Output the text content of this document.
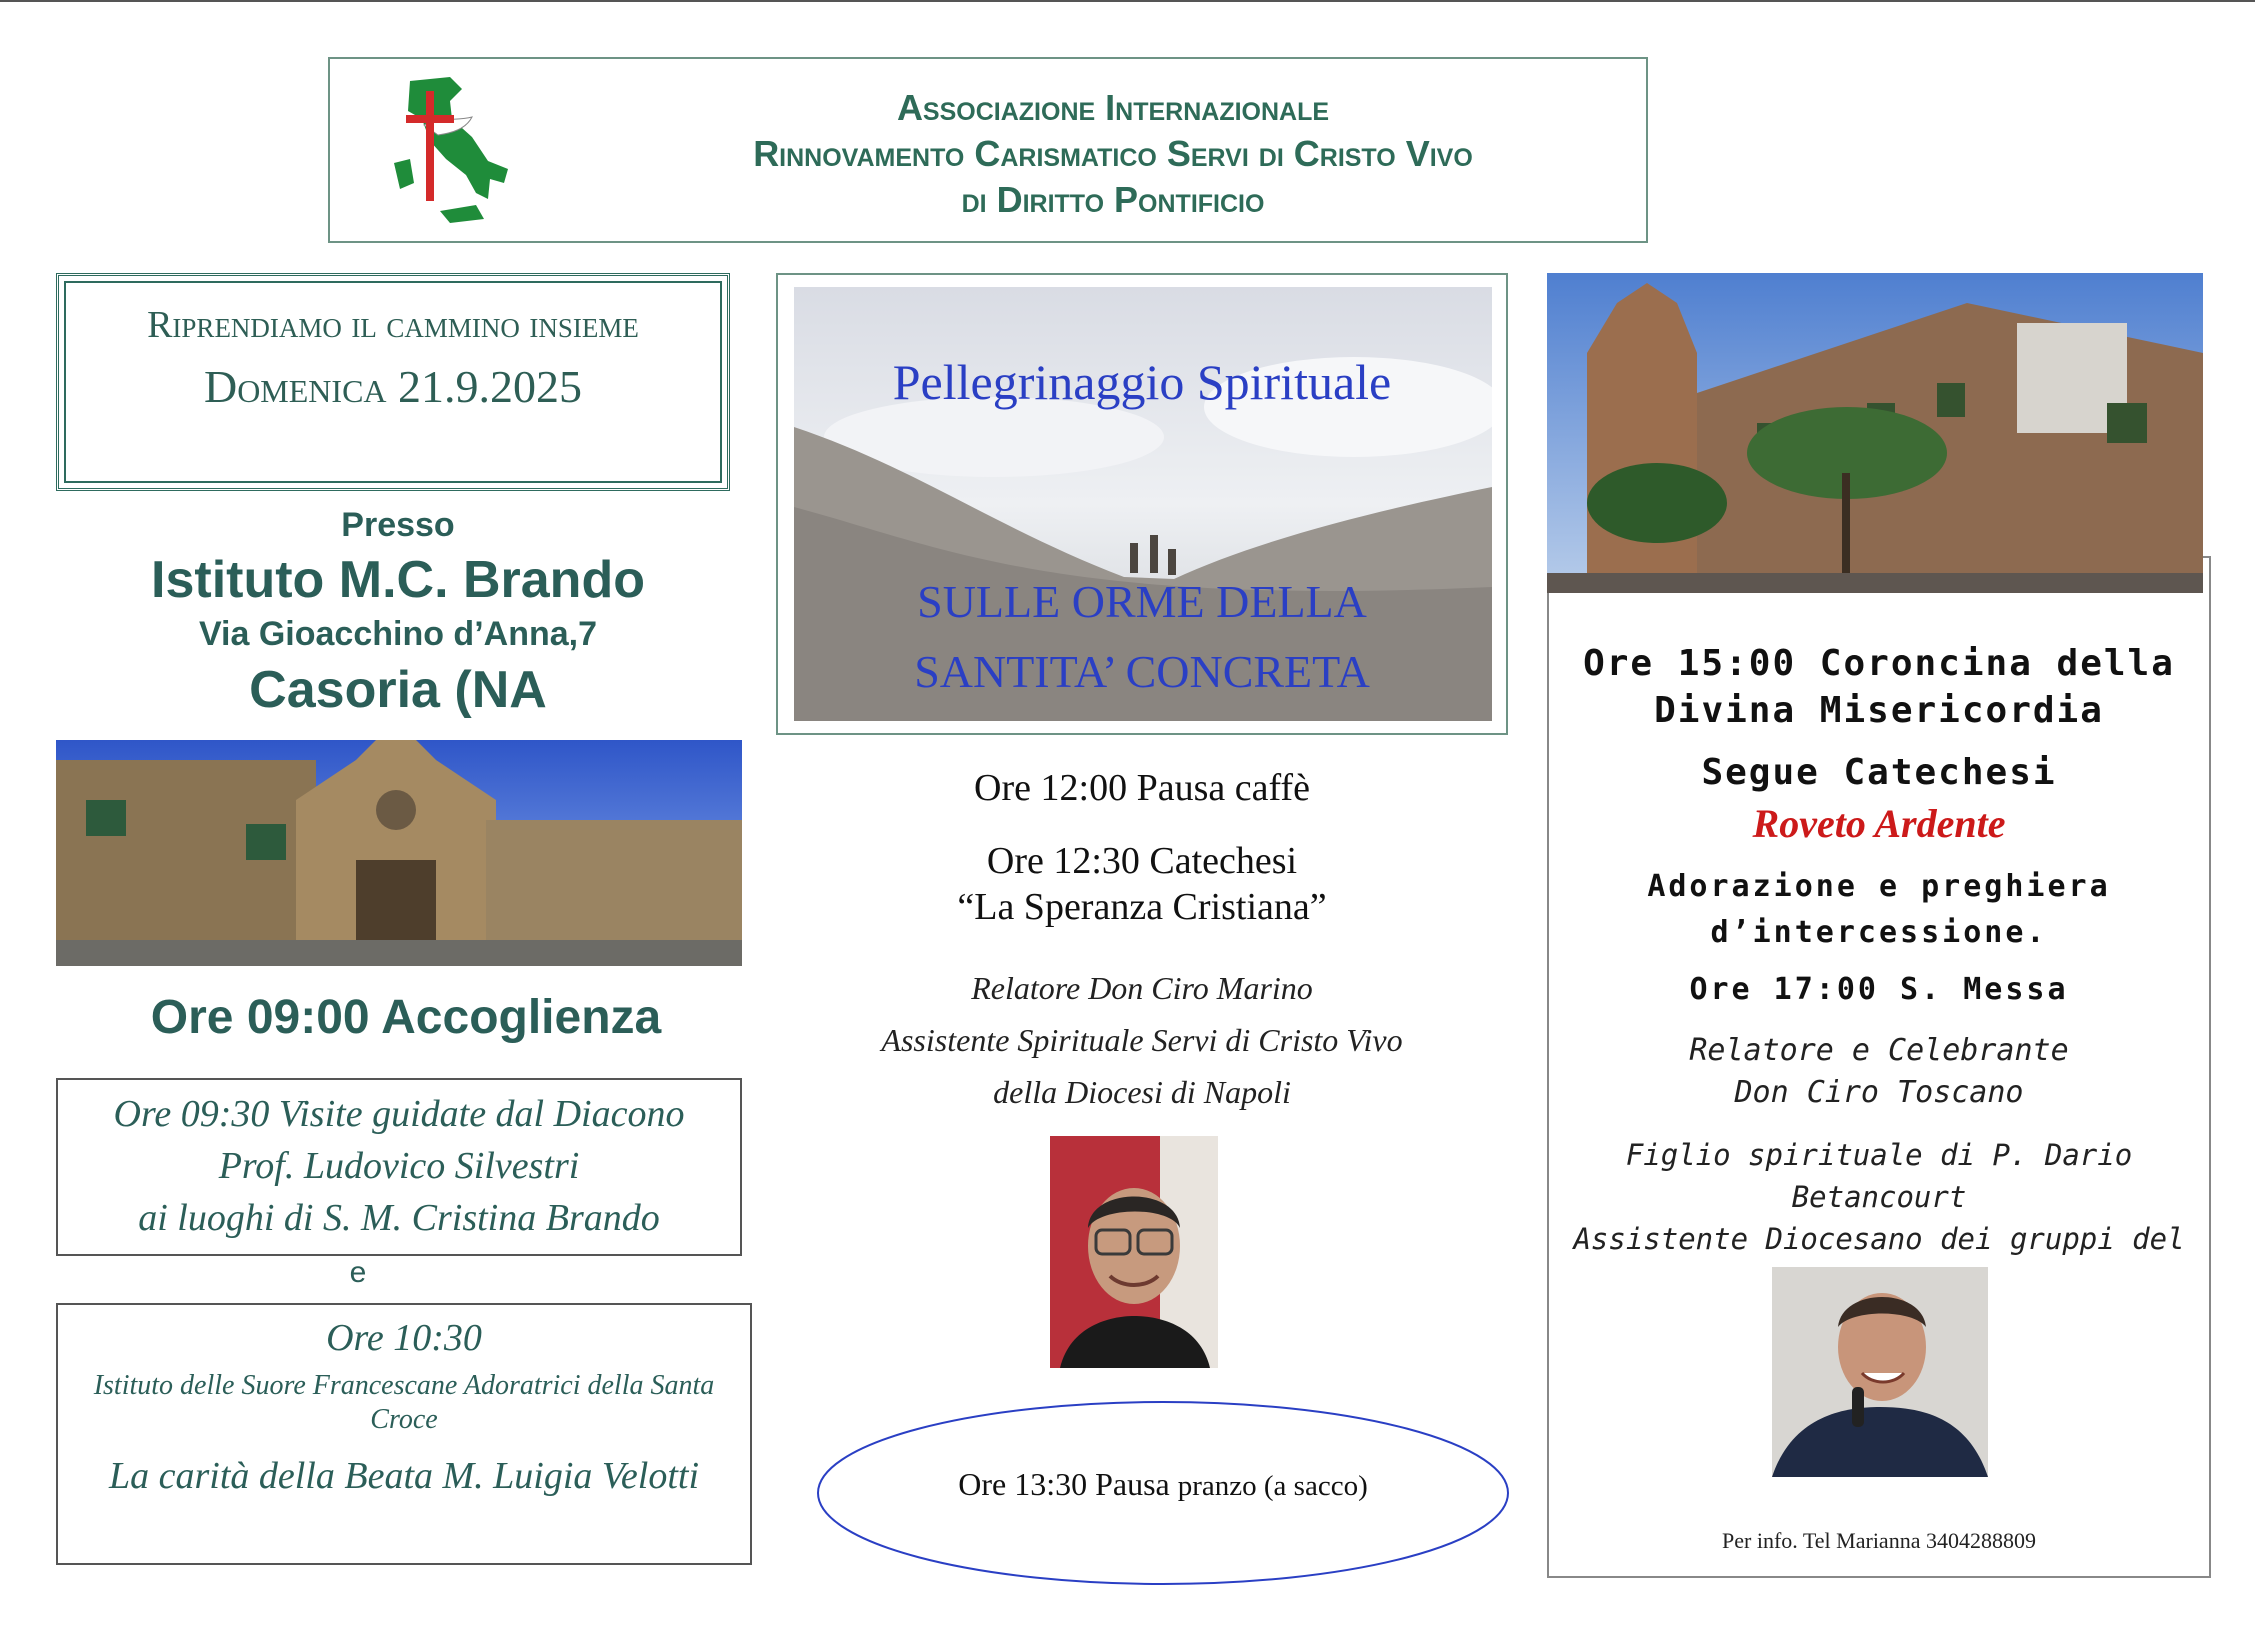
Associazione Internazionale
Rinnovamento Carismatico Servi di Cristo Vivo
di Diritto Pontificio
Riprendiamo il cammino insieme
Domenica 21.9.2025
Presso
Istituto M.C. Brando
Via Gioacchino d’Anna,7
Casoria (NA
Ore 09:00 Accoglienza
Ore 09:30 Visite guidate dal Diacono
Prof. Ludovico Silvestri
ai luoghi di S. M. Cristina Brando
e
Ore 10:30
Istituto delle Suore Francescane Adoratrici della Santa Croce
La carità della Beata M. Luigia Velotti
Pellegrinaggio Spirituale
SULLE ORME DELLA
SANTITA’ CONCRETA
Ore 12:00 Pausa caffè
Ore 12:30 Catechesi
“La Speranza Cristiana”
Relatore Don Ciro Marino
Assistente Spirituale Servi di Cristo Vivo
della Diocesi di Napoli
Ore 13:30 Pausa pranzo (a sacco)
Ore 15:00 Coroncina della
Divina Misericordia
Segue Catechesi
Roveto Ardente
Adorazione e preghiera
d’intercessione.
Ore 17:00 S. Messa
Relatore e Celebrante
Don Ciro Toscano
Figlio spirituale di P. Dario Betancourt
Assistente Diocesano dei gruppi del
Per info. Tel Marianna 3404288809
